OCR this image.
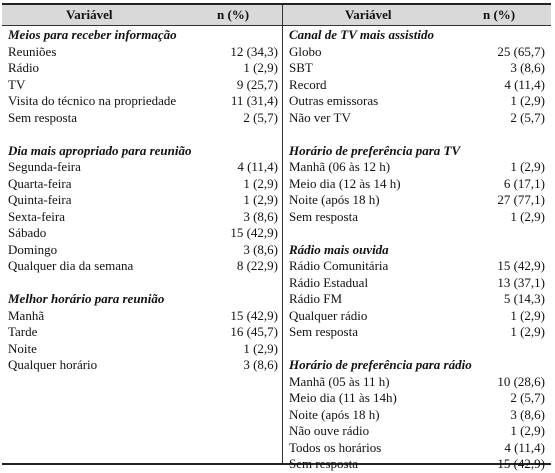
Variável	n (%)	Variável	n (%)
Meios para receber informação
Reuniões	12 (34,3)
Rádio	1 (2,9)
TV	9 (25,7)
Visita do técnico na propriedade	11 (31,4)
Sem resposta	2 (5,7)
Dia mais apropriado para reunião
Segunda-feira	4 (11,4)
Quarta-feira	1 (2,9)
Quinta-feira	1 (2,9)
Sexta-feira	3 (8,6)
Sábado	15 (42,9)
Domingo	3 (8,6)
Qualquer dia da semana	8 (22,9)
Melhor horário para reunião
Manhã	15 (42,9)
Tarde	16 (45,7)
Noite	1 (2,9)
Qualquer horário	3 (8,6)
Canal de TV mais assistido
Globo	25 (65,7)
SBT	3 (8,6)
Record	4 (11,4)
Outras emissoras	1 (2,9)
Não ver TV	2 (5,7)
Horário de preferência para TV
Manhã (06 às 12 h)	1 (2,9)
Meio dia (12 às 14 h)	6 (17,1)
Noite (após 18 h)	27 (77,1)
Sem resposta	1 (2,9)
Rádio mais ouvida
Rádio Comunitária	15 (42,9)
Rádio Estadual	13 (37,1)
Rádio FM	5 (14,3)
Qualquer rádio	1 (2,9)
Sem resposta	1 (2,9)
Horário de preferência para rádio
Manhã (05 às 11 h)	10 (28,6)
Meio dia (11 às 14h)	2 (5,7)
Noite (após 18 h)	3 (8,6)
Não ouve rádio	1 (2,9)
Todos os horários	4 (11,4)
Sem resposta	15 (42,9)
